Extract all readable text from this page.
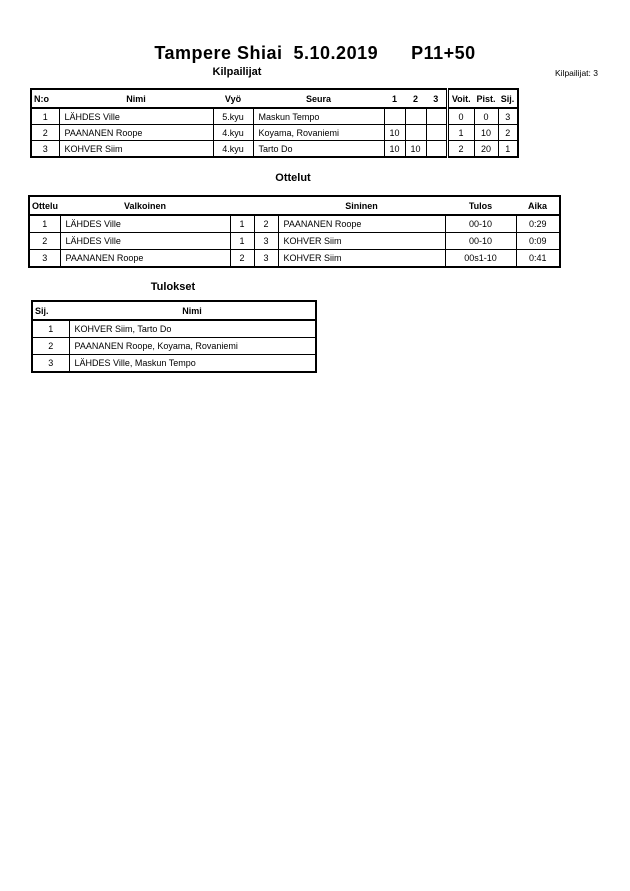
Tampere Shiai  5.10.2019      P11+50
Kilpailijat	Kilpailijat: 3
N:o	Nimi	Vyö	Seura	1	2	3	Voit.	Pist.	Sij.
1	LÄHDES Ville	5.kyu	Maskun Tempo				0	0	3
2	PAANANEN Roope	4.kyu	Koyama, Rovaniemi	10			1	10	2
3	KOHVER Siim	4.kyu	Tarto Do	10	10		2	20	1
Ottelut
Ottelu	Valkoinen			Sininen	Tulos	Aika
1	LÄHDES Ville	1	2	PAANANEN Roope	00-10	0:29
2	LÄHDES Ville	1	3	KOHVER Siim	00-10	0:09
3	PAANANEN Roope	2	3	KOHVER Siim	00s1-10	0:41
Tulokset
Sij.	Nimi
1	KOHVER Siim, Tarto Do
2	PAANANEN Roope, Koyama, Rovaniemi
3	LÄHDES Ville, Maskun Tempo
